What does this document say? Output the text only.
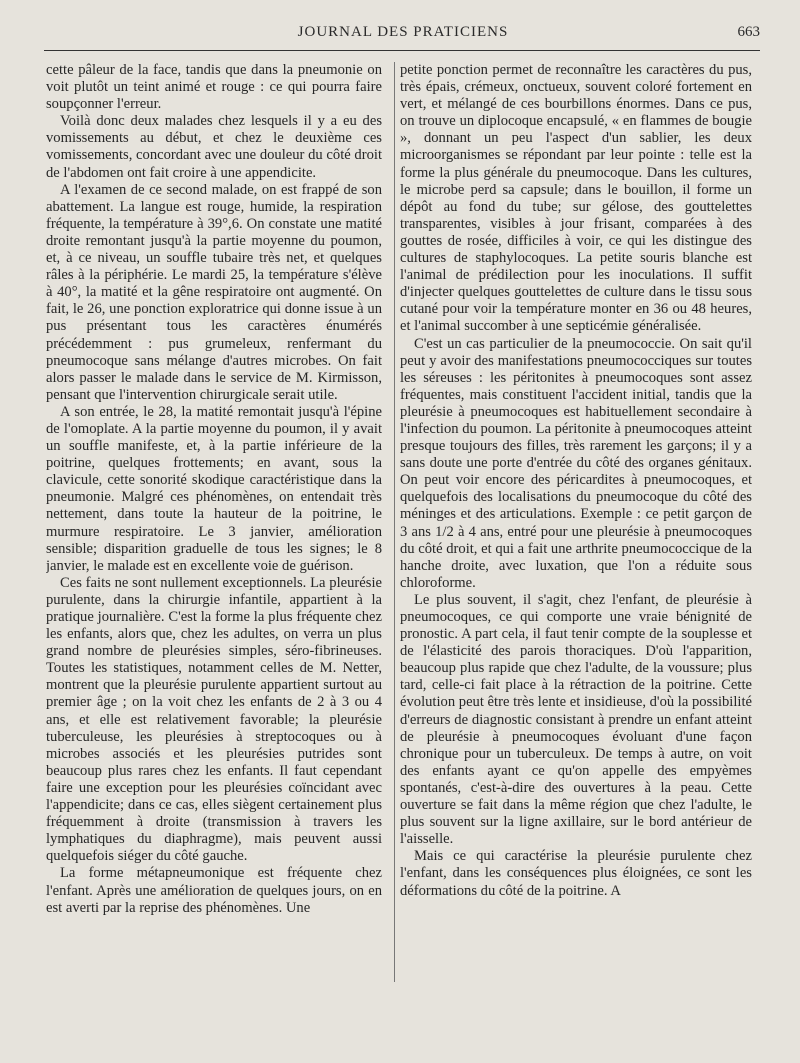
JOURNAL DES PRATICIENS	663

cette pâleur de la face, tandis que dans la pneumonie on voit plutôt un teint animé et rouge : ce qui pourra faire soupçonner l'erreur.

Voilà donc deux malades chez lesquels il y a eu des vomissements au début, et chez le deuxième ces vomissements, concordant avec une douleur du côté droit de l'abdomen ont fait croire à une appendicite.

A l'examen de ce second malade, on est frappé de son abattement. La langue est rouge, humide, la respiration fréquente, la température à 39°,6. On constate une matité droite remontant jusqu'à la partie moyenne du poumon, et, à ce niveau, un souffle tubaire très net, et quelques râles à la périphérie. Le mardi 25, la température s'élève à 40°, la matité et la gêne respiratoire ont augmenté. On fait, le 26, une ponction exploratrice qui donne issue à un pus présentant tous les caractères énumérés précédemment : pus grumeleux, renfermant du pneumocoque sans mélange d'autres microbes. On fait alors passer le malade dans le service de M. Kirmisson, pensant que l'intervention chirurgicale serait utile.

A son entrée, le 28, la matité remontait jusqu'à l'épine de l'omoplate. A la partie moyenne du poumon, il y avait un souffle manifeste, et, à la partie inférieure de la poitrine, quelques frottements; en avant, sous la clavicule, cette sonorité skodique caractéristique dans la pneumonie. Malgré ces phénomènes, on entendait très nettement, dans toute la hauteur de la poitrine, le murmure respiratoire. Le 3 janvier, amélioration sensible; disparition graduelle de tous les signes; le 8 janvier, le malade est en excellente voie de guérison.

Ces faits ne sont nullement exceptionnels. La pleurésie purulente, dans la chirurgie infantile, appartient à la pratique journalière. C'est la forme la plus fréquente chez les enfants, alors que, chez les adultes, on verra un plus grand nombre de pleurésies simples, séro-fibrineuses. Toutes les statistiques, notamment celles de M. Netter, montrent que la pleurésie purulente appartient surtout au premier âge ; on la voit chez les enfants de 2 à 3 ou 4 ans, et elle est relativement favorable; la pleurésie tuberculeuse, les pleurésies à streptocoques ou à microbes associés et les pleurésies putrides sont beaucoup plus rares chez les enfants. Il faut cependant faire une exception pour les pleurésies coïncidant avec l'appendicite; dans ce cas, elles siègent certainement plus fréquemment à droite (transmission à travers les lymphatiques du diaphragme), mais peuvent aussi quelquefois siéger du côté gauche.

La forme métapneumonique est fréquente chez l'enfant. Après une amélioration de quelques jours, on en est averti par la reprise des phénomènes. Une

petite ponction permet de reconnaître les caractères du pus, très épais, crémeux, onctueux, souvent coloré fortement en vert, et mélangé de ces bourbillons énormes. Dans ce pus, on trouve un diplocoque encapsulé, « en flammes de bougie », donnant un peu l'aspect d'un sablier, les deux microorganismes se répondant par leur pointe : telle est la forme la plus générale du pneumocoque. Dans les cultures, le microbe perd sa capsule; dans le bouillon, il forme un dépôt au fond du tube; sur gélose, des gouttelettes transparentes, visibles à jour frisant, comparées à des gouttes de rosée, difficiles à voir, ce qui les distingue des cultures de staphylocoques. La petite souris blanche est l'animal de prédilection pour les inoculations. Il suffit d'injecter quelques gouttelettes de culture dans le tissu sous cutané pour voir la température monter en 36 ou 48 heures, et l'animal succomber à une septicémie généralisée.

C'est un cas particulier de la pneumococcie. On sait qu'il peut y avoir des manifestations pneumococciques sur toutes les séreuses : les péritonites à pneumocoques sont assez fréquentes, mais constituent l'accident initial, tandis que la pleurésie à pneumocoques est habituellement secondaire à l'infection du poumon. La péritonite à pneumocoques atteint presque toujours des filles, très rarement les garçons; il y a sans doute une porte d'entrée du côté des organes génitaux. On peut voir encore des péricardites à pneumocoques, et quelquefois des localisations du pneumocoque du côté des méninges et des articulations. Exemple : ce petit garçon de 3 ans 1/2 à 4 ans, entré pour une pleurésie à pneumocoques du côté droit, et qui a fait une arthrite pneumococcique de la hanche droite, avec luxation, que l'on a réduite sous chloroforme.

Le plus souvent, il s'agit, chez l'enfant, de pleurésie à pneumocoques, ce qui comporte une vraie bénignité de pronostic. A part cela, il faut tenir compte de la souplesse et de l'élasticité des parois thoraciques. D'où l'apparition, beaucoup plus rapide que chez l'adulte, de la voussure; plus tard, celle-ci fait place à la rétraction de la poitrine. Cette évolution peut être très lente et insidieuse, d'où la possibilité d'erreurs de diagnostic consistant à prendre un enfant atteint de pleurésie à pneumocoques évoluant d'une façon chronique pour un tuberculeux. De temps à autre, on voit des enfants ayant ce qu'on appelle des empyèmes spontanés, c'est-à-dire des ouvertures à la peau. Cette ouverture se fait dans la même région que chez l'adulte, le plus souvent sur la ligne axillaire, sur le bord antérieur de l'aisselle.

Mais ce qui caractérise la pleurésie purulente chez l'enfant, dans les conséquences plus éloignées, ce sont les déformations du côté de la poitrine. A
